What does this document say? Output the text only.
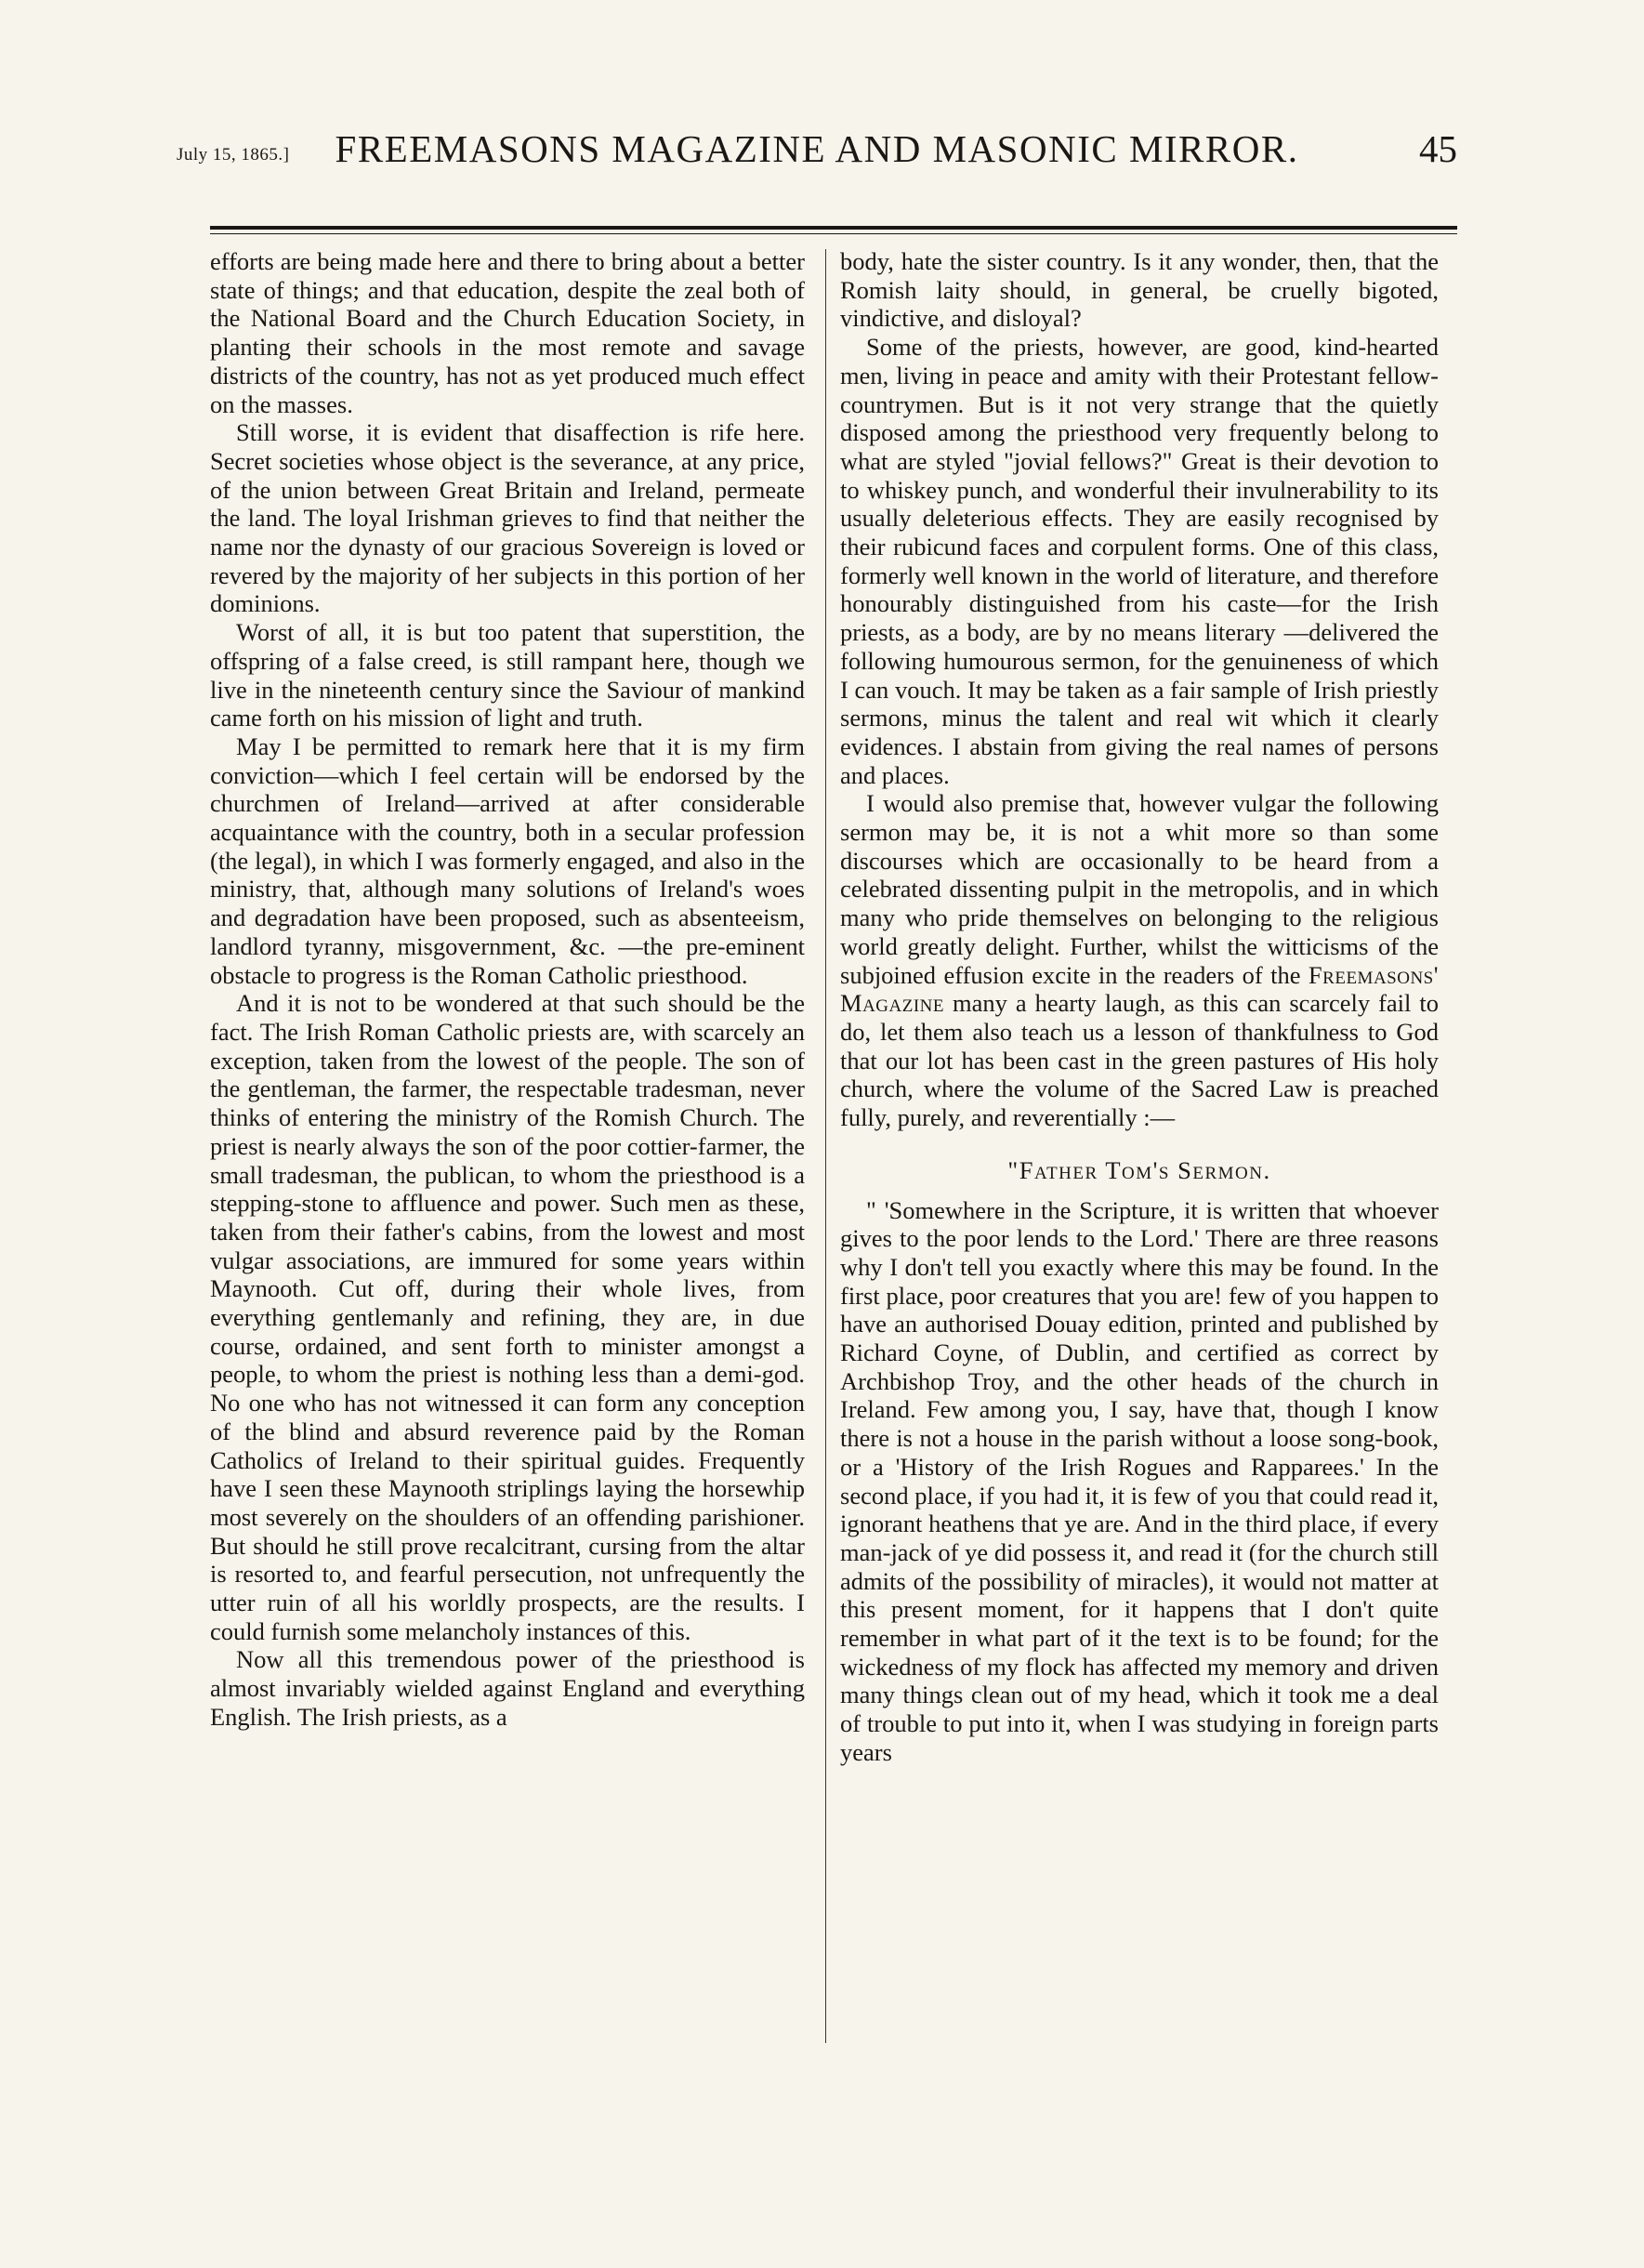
July 15, 1865.]	FREEMASONS MAGAZINE AND MASONIC MIRROR.	45

efforts are being made here and there to bring about a better state of things; and that education, despite the zeal both of the National Board and the Church Education Society, in planting their schools in the most remote and savage districts of the country, has not as yet produced much effect on the masses.

Still worse, it is evident that disaffection is rife here. Secret societies whose object is the severance, at any price, of the union between Great Britain and Ireland, permeate the land. The loyal Irishman grieves to find that neither the name nor the dynasty of our gracious Sovereign is loved or revered by the majority of her subjects in this portion of her dominions.

Worst of all, it is but too patent that superstition, the offspring of a false creed, is still rampant here, though we live in the nineteenth century since the Saviour of mankind came forth on his mission of light and truth.

May I be permitted to remark here that it is my firm conviction—which I feel certain will be endorsed by the churchmen of Ireland—arrived at after considerable acquaintance with the country, both in a secular profession (the legal), in which I was formerly engaged, and also in the ministry, that, although many solutions of Ireland's woes and degradation have been proposed, such as absenteeism, landlord tyranny, misgovernment, &c. —the pre-eminent obstacle to progress is the Roman Catholic priesthood.

And it is not to be wondered at that such should be the fact. The Irish Roman Catholic priests are, with scarcely an exception, taken from the lowest of the people. The son of the gentleman, the farmer, the respectable tradesman, never thinks of entering the ministry of the Romish Church. The priest is nearly always the son of the poor cottier-farmer, the small tradesman, the publican, to whom the priesthood is a stepping-stone to affluence and power. Such men as these, taken from their father's cabins, from the lowest and most vulgar associations, are immured for some years within Maynooth. Cut off, during their whole lives, from everything gentlemanly and refining, they are, in due course, ordained, and sent forth to minister amongst a people, to whom the priest is nothing less than a demi-god. No one who has not witnessed it can form any conception of the blind and absurd reverence paid by the Roman Catholics of Ireland to their spiritual guides. Frequently have I seen these Maynooth striplings laying the horsewhip most severely on the shoulders of an offending parishioner. But should he still prove recalcitrant, cursing from the altar is resorted to, and fearful persecution, not unfrequently the utter ruin of all his worldly prospects, are the results. I could furnish some melancholy instances of this.

Now all this tremendous power of the priesthood is almost invariably wielded against England and everything English. The Irish priests, as a

body, hate the sister country. Is it any wonder, then, that the Romish laity should, in general, be cruelly bigoted, vindictive, and disloyal?

Some of the priests, however, are good, kind-hearted men, living in peace and amity with their Protestant fellow-countrymen. But is it not very strange that the quietly disposed among the priesthood very frequently belong to what are styled "jovial fellows?" Great is their devotion to to whiskey punch, and wonderful their invulnerability to its usually deleterious effects. They are easily recognised by their rubicund faces and corpulent forms. One of this class, formerly well known in the world of literature, and therefore honourably distinguished from his caste—for the Irish priests, as a body, are by no means literary —delivered the following humourous sermon, for the genuineness of which I can vouch. It may be taken as a fair sample of Irish priestly sermons, minus the talent and real wit which it clearly evidences. I abstain from giving the real names of persons and places.

I would also premise that, however vulgar the following sermon may be, it is not a whit more so than some discourses which are occasionally to be heard from a celebrated dissenting pulpit in the metropolis, and in which many who pride themselves on belonging to the religious world greatly delight. Further, whilst the witticisms of the subjoined effusion excite in the readers of the Freemasons' Magazine many a hearty laugh, as this can scarcely fail to do, let them also teach us a lesson of thankfulness to God that our lot has been cast in the green pastures of His holy church, where the volume of the Sacred Law is preached fully, purely, and reverentially :—

"Father Tom's Sermon.

" 'Somewhere in the Scripture, it is written that whoever gives to the poor lends to the Lord.' There are three reasons why I don't tell you exactly where this may be found. In the first place, poor creatures that you are! few of you happen to have an authorised Douay edition, printed and published by Richard Coyne, of Dublin, and certified as correct by Archbishop Troy, and the other heads of the church in Ireland. Few among you, I say, have that, though I know there is not a house in the parish without a loose song-book, or a 'History of the Irish Rogues and Rapparees.' In the second place, if you had it, it is few of you that could read it, ignorant heathens that ye are. And in the third place, if every man-jack of ye did possess it, and read it (for the church still admits of the possibility of miracles), it would not matter at this present moment, for it happens that I don't quite remember in what part of it the text is to be found; for the wickedness of my flock has affected my memory and driven many things clean out of my head, which it took me a deal of trouble to put into it, when I was studying in foreign parts years
